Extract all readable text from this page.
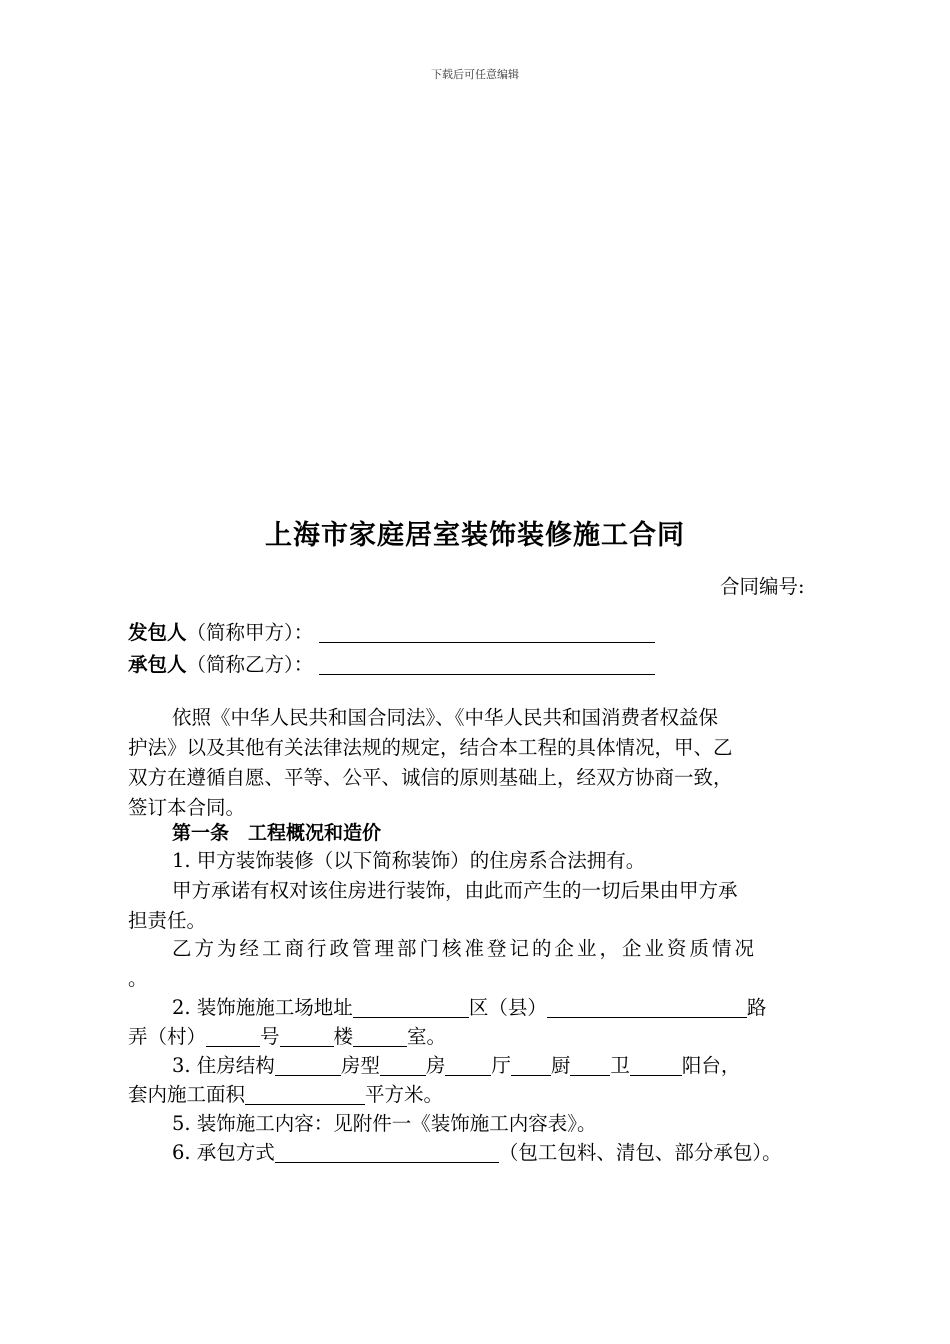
下载后可任意编辑
上海市家庭居室装饰装修施工合同
合同编号:
发包人（简称甲方）：
承包人（简称乙方）：
依照《中华人民共和国合同法》、《中华人民共和国消费者权益保
护法》以及其他有关法律法规的规定，结合本工程的具体情况，甲、乙
双方在遵循自愿、平等、公平、诚信的原则基础上，经双方协商一致，
签订本合同。
第一条　工程概况和造价
1. 甲方装饰装修（以下简称装饰）的住房系合法拥有。
甲方承诺有权对该住房进行装饰，由此而产生的一切后果由甲方承
担责任。
乙方为经工商行政管理部门核准登记的企业，企业资质情况
。
2. 装饰施施工场地址	区（县）	路
弄（村）	号	楼	室。
3. 住房结构	房型 房 厅 厨 卫	阳台，
套内施工面积	平方米。
5. 装饰施工内容：见附件一《装饰施工内容表》。
6. 承包方式	（包工包料、清包、部分承包）。
